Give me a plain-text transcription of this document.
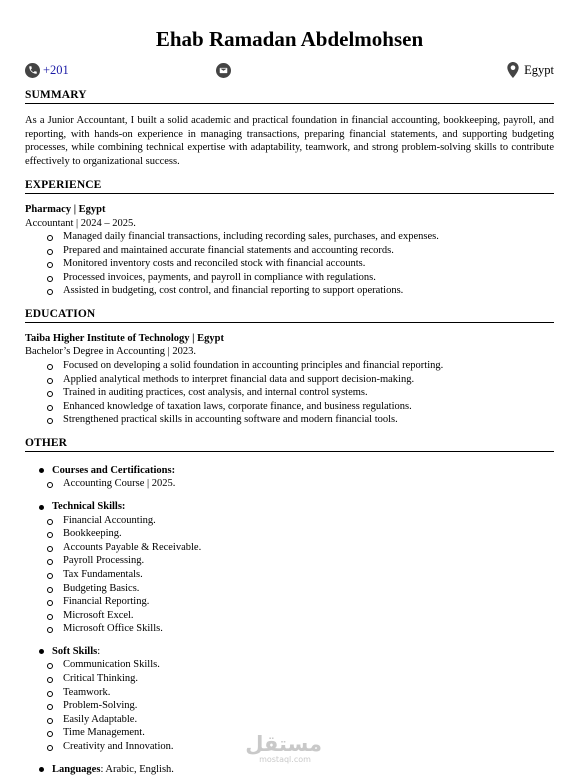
Ehab Ramadan Abdelmohsen
+201	Egypt
SUMMARY

As a Junior Accountant, I built a solid academic and practical foundation in financial accounting, bookkeeping, payroll, and reporting, with hands-on experience in managing transactions, preparing financial statements, and supporting budgeting processes, while combining technical expertise with adaptability, teamwork, and strong problem-solving skills to contribute effectively to organizational success.

EXPERIENCE

Pharmacy | Egypt

Accountant | 2024 – 2025.

Managed daily financial transactions, including recording sales, purchases, and expenses.
Prepared and maintained accurate financial statements and accounting records.
Monitored inventory costs and reconciled stock with financial accounts.
Processed invoices, payments, and payroll in compliance with regulations.
Assisted in budgeting, cost control, and financial reporting to support operations.
EDUCATION

Taiba Higher Institute of Technology | Egypt

Bachelor’s Degree in Accounting | 2023.

Focused on developing a solid foundation in accounting principles and financial reporting.
Applied analytical methods to interpret financial data and support decision-making.
Trained in auditing practices, cost analysis, and internal control systems.
Enhanced knowledge of taxation laws, corporate finance, and business regulations.
Strengthened practical skills in accounting software and modern financial tools.
OTHER

Courses and Certifications:

Accounting Course | 2025.

Technical Skills:

Financial Accounting.
Bookkeeping.
Accounts Payable & Receivable.
Payroll Processing.
Tax Fundamentals.
Budgeting Basics.
Financial Reporting.
Microsoft Excel.
Microsoft Office Skills.

Soft Skills:

Communication Skills.
Critical Thinking.
Teamwork.
Problem-Solving.
Easily Adaptable.
Time Management.
Creativity and Innovation.

Languages: Arabic, English.

مستقل
mostaql.com
